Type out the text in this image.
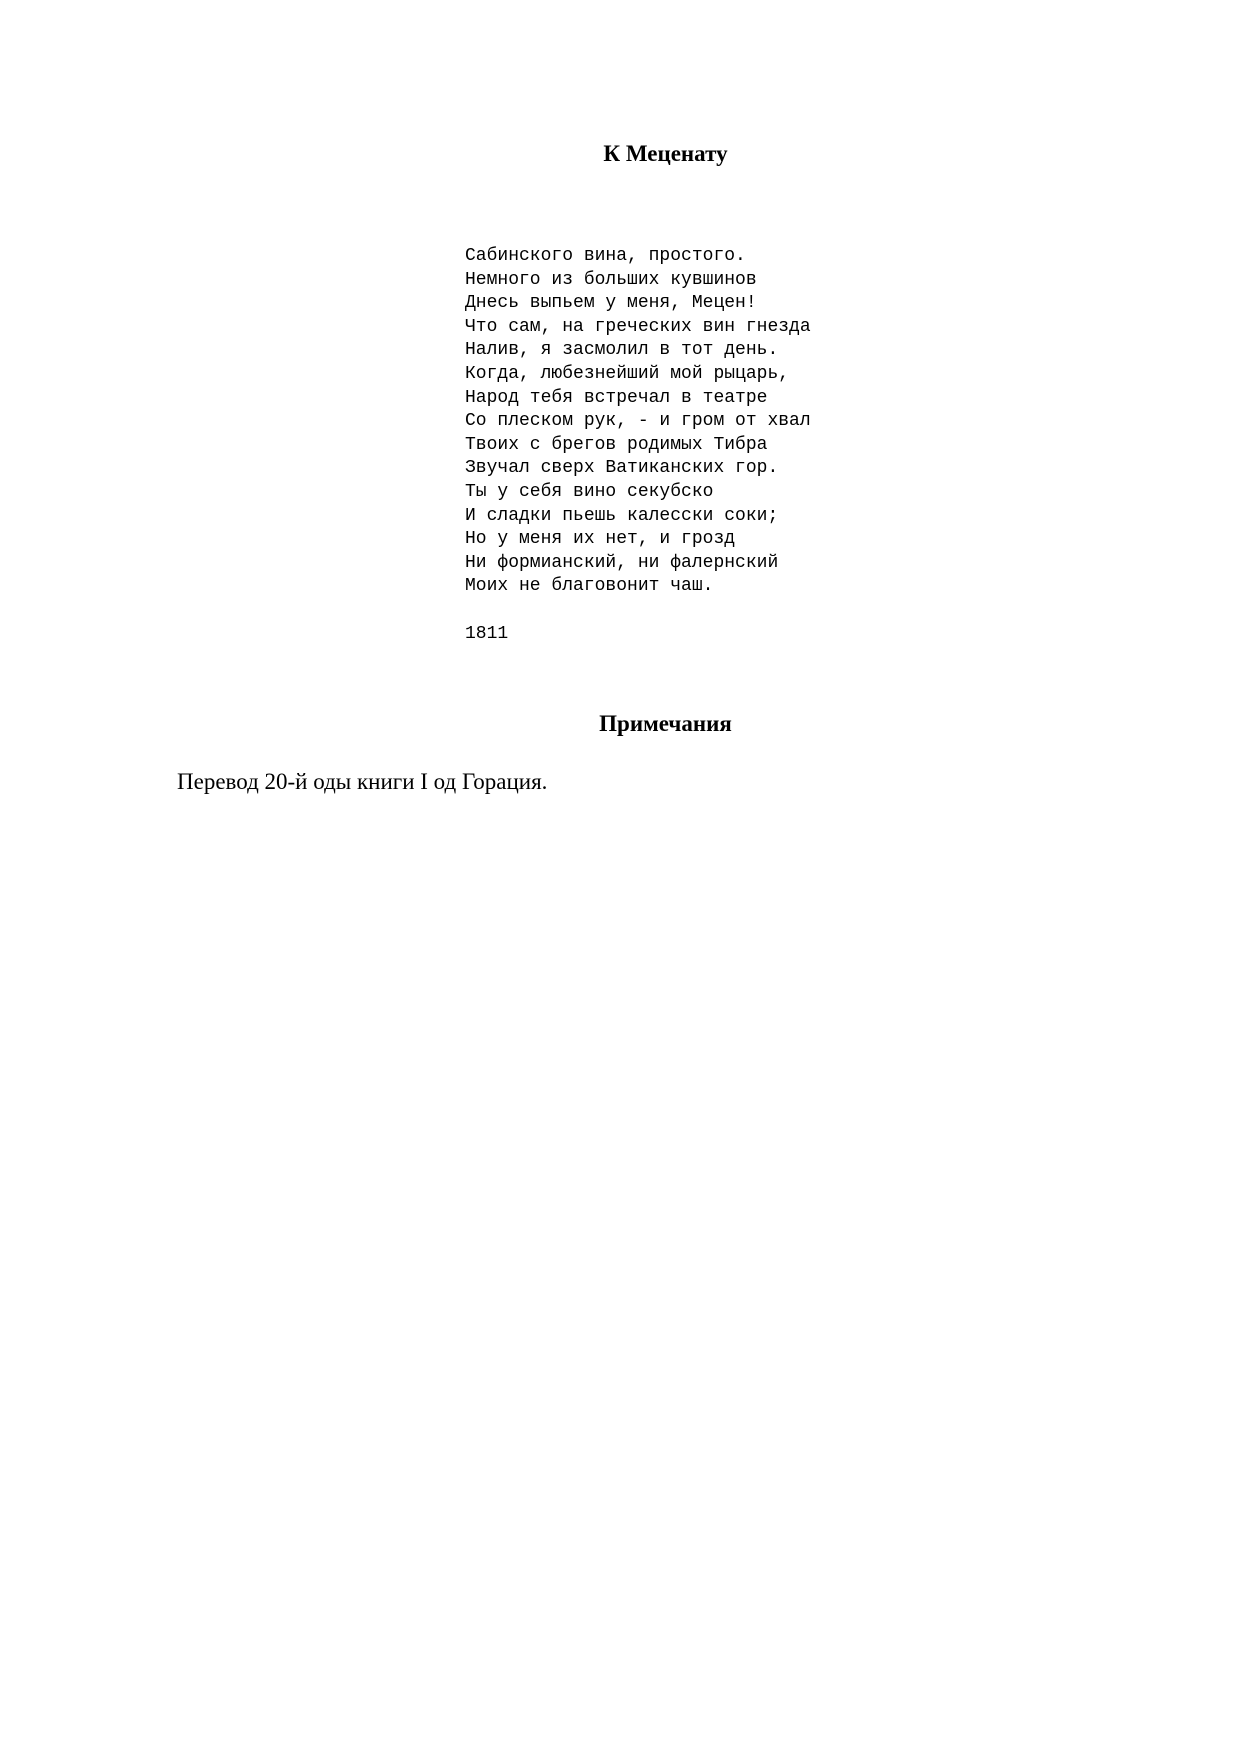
К Меценату
Сабинского вина, простого.
Немного из больших кувшинов
Днесь выпьем у меня, Мецен!
Что сам, на греческих вин гнезда
Налив, я засмолил в тот день.
Когда, любезнейший мой рыцарь,
Народ тебя встречал в театре
Со плеском рук, - и гром от хвал
Твоих с брегов родимых Тибра
Звучал сверх Ватиканских гор.
Ты у себя вино секубско
И сладки пьешь калесски соки;
Но у меня их нет, и грозд
Ни формианский, ни фалернский
Моих не благовонит чаш.
1811
Примечания
Перевод 20-й оды книги I од Горация.
